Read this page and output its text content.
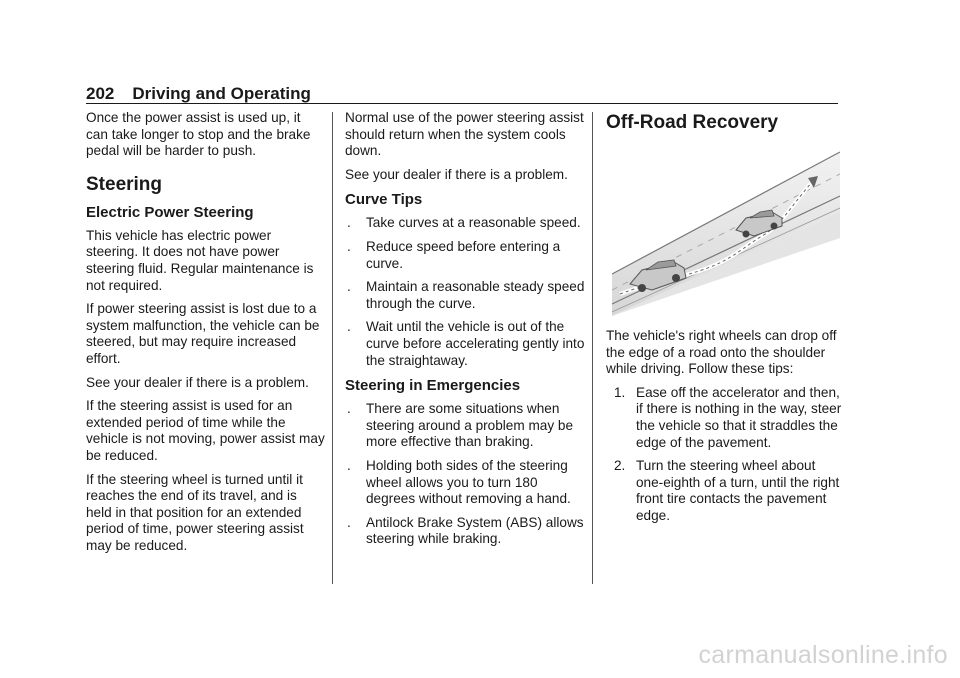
202 Driving and Operating

Once the power assist is used up, it can take longer to stop and the brake pedal will be harder to push.

Steering
Electric Power Steering

This vehicle has electric power steering. It does not have power steering fluid. Regular maintenance is not required.

If power steering assist is lost due to a system malfunction, the vehicle can be steered, but may require increased effort.

See your dealer if there is a problem.

If the steering assist is used for an extended period of time while the vehicle is not moving, power assist may be reduced.

If the steering wheel is turned until it reaches the end of its travel, and is held in that position for an extended period of time, power steering assist may be reduced.

Normal use of the power steering assist should return when the system cools down.

See your dealer if there is a problem.

Curve Tips
. Take curves at a reasonable speed.
. Reduce speed before entering a curve.
. Maintain a reasonable steady speed through the curve.
. Wait until the vehicle is out of the curve before accelerating gently into the straightaway.
Steering in Emergencies
. There are some situations when steering around a problem may be more effective than braking.
. Holding both sides of the steering wheel allows you to turn 180 degrees without removing a hand.
. Antilock Brake System (ABS) allows steering while braking.
Off-Road Recovery

The vehicle's right wheels can drop off the edge of a road onto the shoulder while driving. Follow these tips:

1. Ease off the accelerator and then, if there is nothing in the way, steer the vehicle so that it straddles the edge of the pavement.
2. Turn the steering wheel about one-eighth of a turn, until the right front tire contacts the pavement edge.
carmanualsonline.info
